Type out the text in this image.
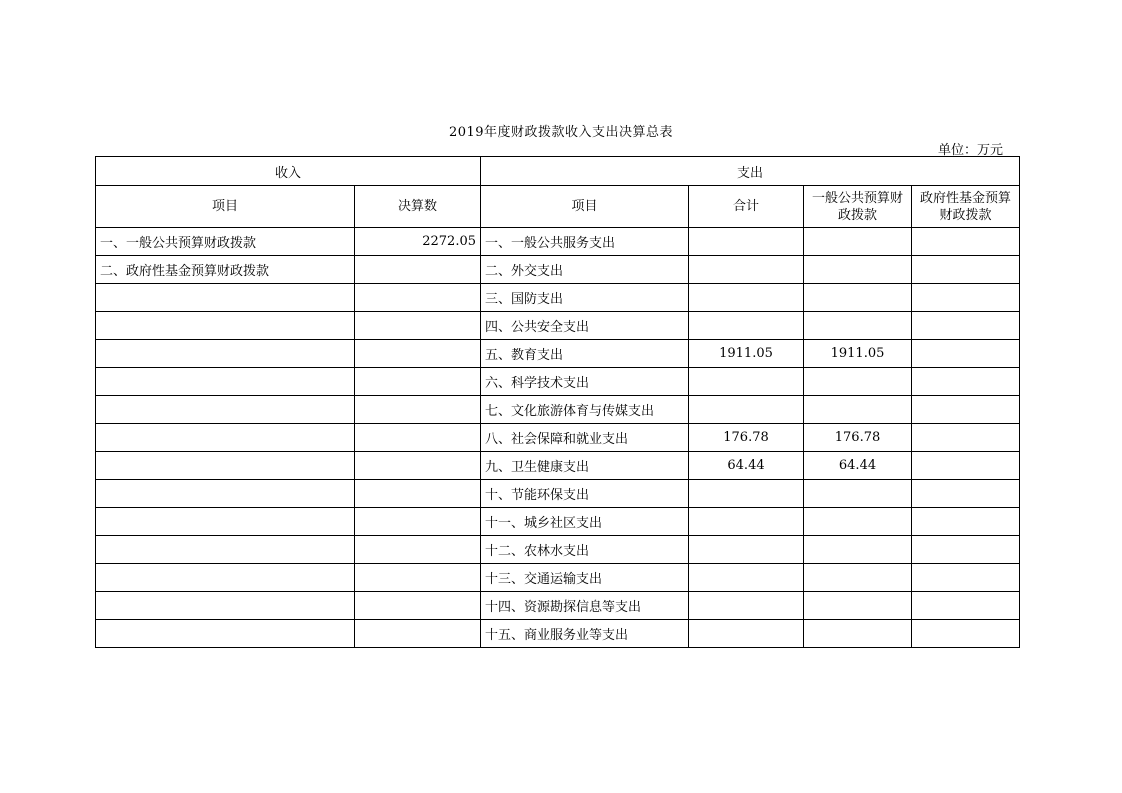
2019年度财政拨款收入支出决算总表
单位：万元
收入		支出			
项目	决算数	项目	合计	一般公共预算财政拨款	政府性基金预算财政拨款
一、一般公共预算财政拨款	2272.05	一、一般公共服务支出			
二、政府性基金预算财政拨款		二、外交支出			
		三、国防支出			
		四、公共安全支出			
		五、教育支出	1911.05	1911.05	
		六、科学技术支出			
		七、文化旅游体育与传媒支出			
		八、社会保障和就业支出	176.78	176.78	
		九、卫生健康支出	64.44	64.44	
		十、节能环保支出			
		十一、城乡社区支出			
		十二、农林水支出			
		十三、交通运输支出			
		十四、资源勘探信息等支出			
		十五、商业服务业等支出			
